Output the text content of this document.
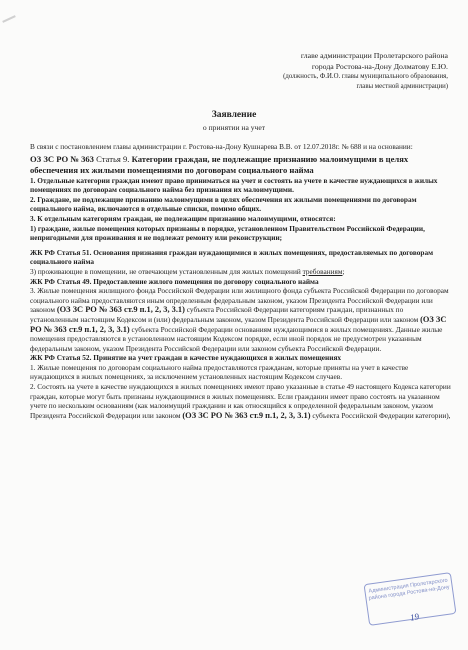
главе администрации Пролетарского района
города Ростова-на-Дону Долматову Е.Ю.
(должность, Ф.И.О. главы муниципального образования,
главы местной администрации)
Заявление
о принятии на учет

В связи с постановлением главы администрации г. Ростова-на-Дону Кушнарева В.В. от 12.07.2018г. № 688 и на основании:

ОЗ ЗС РО № 363 Статья 9. Категории граждан, не подлежащие признанию малоимущими в целях обеспечения их жилыми помещениями по договорам социального найма

1. Отдельные категории граждан имеют право приниматься на учет и состоять на учете в качестве нуждающихся в жилых помещениях по договорам социального найма без признания их малоимущими.

2. Граждане, не подлежащие признанию малоимущими в целях обеспечения их жилыми помещениями по договорам социального найма, включаются в отдельные списки, помимо общих.

3. К отдельным категориям граждан, не подлежащим признанию малоимущими, относятся:

1) граждане, жилые помещения которых признаны в порядке, установленном Правительством Российской Федерации, непригодными для проживания и не подлежат ремонту или реконструкции;

ЖК РФ Статья 51. Основания признания граждан нуждающимися в жилых помещениях, предоставляемых по договорам социального найма

3) проживающие в помещении, не отвечающем установленным для жилых помещений требованиям;

ЖК РФ Статья 49. Предоставление жилого помещения по договору социального найма

3. Жилые помещения жилищного фонда Российской Федерации или жилищного фонда субъекта Российской Федерации по договорам социального найма предоставляются иным определенным федеральным законом, указом Президента Российской Федерации или законом (ОЗ ЗС РО № 363 ст.9 п.1, 2, 3, 3.1) субъекта Российской Федерации категориям граждан, признанных по установленным настоящим Кодексом и (или) федеральным законом, указом Президента Российской Федерации или законом (ОЗ ЗС РО № 363 ст.9 п.1, 2, 3, 3.1) субъекта Российской Федерации основаниям нуждающимися в жилых помещениях. Данные жилые помещения предоставляются в установленном настоящим Кодексом порядке, если иной порядок не предусмотрен указанным федеральным законом, указом Президента Российской Федерации или законом субъекта Российской Федерации.

ЖК РФ Статья 52. Принятие на учет граждан в качестве нуждающихся в жилых помещениях

1. Жилые помещения по договорам социального найма предоставляются гражданам, которые приняты на учет в качестве нуждающихся в жилых помещениях, за исключением установленных настоящим Кодексом случаев.

2. Состоять на учете в качестве нуждающихся в жилых помещениях имеют право указанные в статье 49 настоящего Кодекса категории граждан, которые могут быть признаны нуждающимися в жилых помещениях. Если гражданин имеет право состоять на указанном учете по нескольким основаниям (как малоимущий гражданин и как относящийся к определенной федеральным законом, указом Президента Российской Федерации или законом (ОЗ ЗС РО № 363 ст.9 п.1, 2, 3, 3.1) субъекта Российской Федерации категории),

Администрация Пролетарского района города Ростова-на-Дону
19
